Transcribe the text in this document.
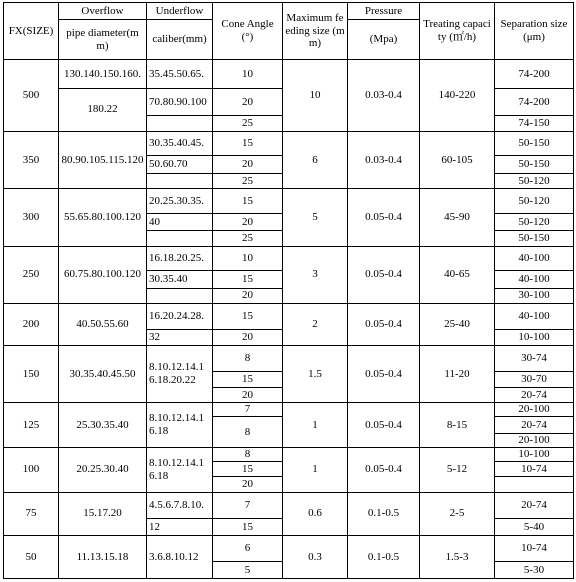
FX(SIZE)	Overflow	Underflow	Cone Angle (°)	Maximum feeding size (mm)	Pressure	Treating capacity (㎡/h)	Separation size (μm)
	pipe diameter(mm)	caliber(mm)			(Mpa)		
500	130.140.150.160.	35.45.50.65.	10	10	0.03-0.4	140-220	74-200
	180.22	70.80.90.100	20				74-200
			25				74-150
350	80.90.105.115.120	30.35.40.45.	15	6	0.03-0.4	60-105	50-150
		50.60.70	20				50-150
			25				50-120
300	55.65.80.100.120	20.25.30.35.	15	5	0.05-0.4	45-90	50-120
		40	20				50-120
			25				50-150
250	60.75.80.100.120	16.18.20.25.	10	3	0.05-0.4	40-65	40-100
		30.35.40	15				40-100
			20				30-100
200	40.50.55.60	16.20.24.28.	15	2	0.05-0.4	25-40	40-100
		32	20				10-100
150	30.35.40.45.50	8.10.12.14.16.18.20.22	8	1.5	0.05-0.4	11-20	30-74
			15				30-70
			20				20-74
125	25.30.35.40	8.10.12.14.16.18	7	1	0.05-0.4	8-15	20-100
			8				20-74
							20-100
100	20.25.30.40	8.10.12.14.16.18	8	1	0.05-0.4	5-12	10-100
			15				10-74
			20				
75	15.17.20	4.5.6.7.8.10.	7	0.6	0.1-0.5	2-5	20-74
		12	15				5-40
50	11.13.15.18	3.6.8.10.12	6	0.3	0.1-0.5	1.5-3	10-74
			5				5-30
